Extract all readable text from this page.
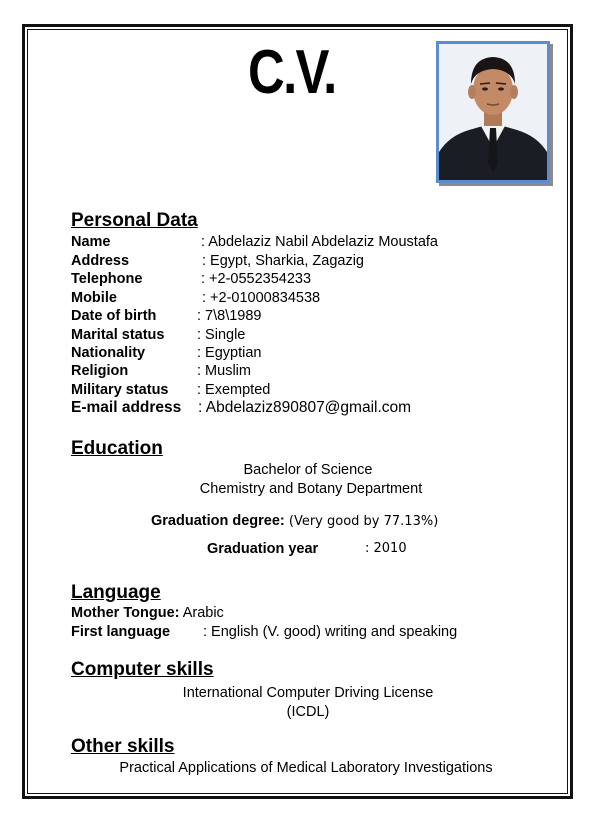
C.V.
Personal Data
Name	: Abdelaziz Nabil Abdelaziz Moustafa
Address	: Egypt, Sharkia, Zagazig
Telephone	: +2-0552354233
Mobile	: +2-01000834538
Date of birth	: 7\8\1989
Marital status : Single
Nationality	: Egyptian
Religion	: Muslim
Military status : Exempted
E-mail address : Abdelaziz890807@gmail.com
Education
Bachelor of Science
Chemistry and Botany Department
Graduation degree: (Very good by 77.13%)
Graduation year	: 2010
Language
Mother Tongue: Arabic
First language : English (V. good) writing and speaking
Computer skills
International Computer Driving License
(ICDL)
Other skills
Practical Applications of Medical Laboratory Investigations
